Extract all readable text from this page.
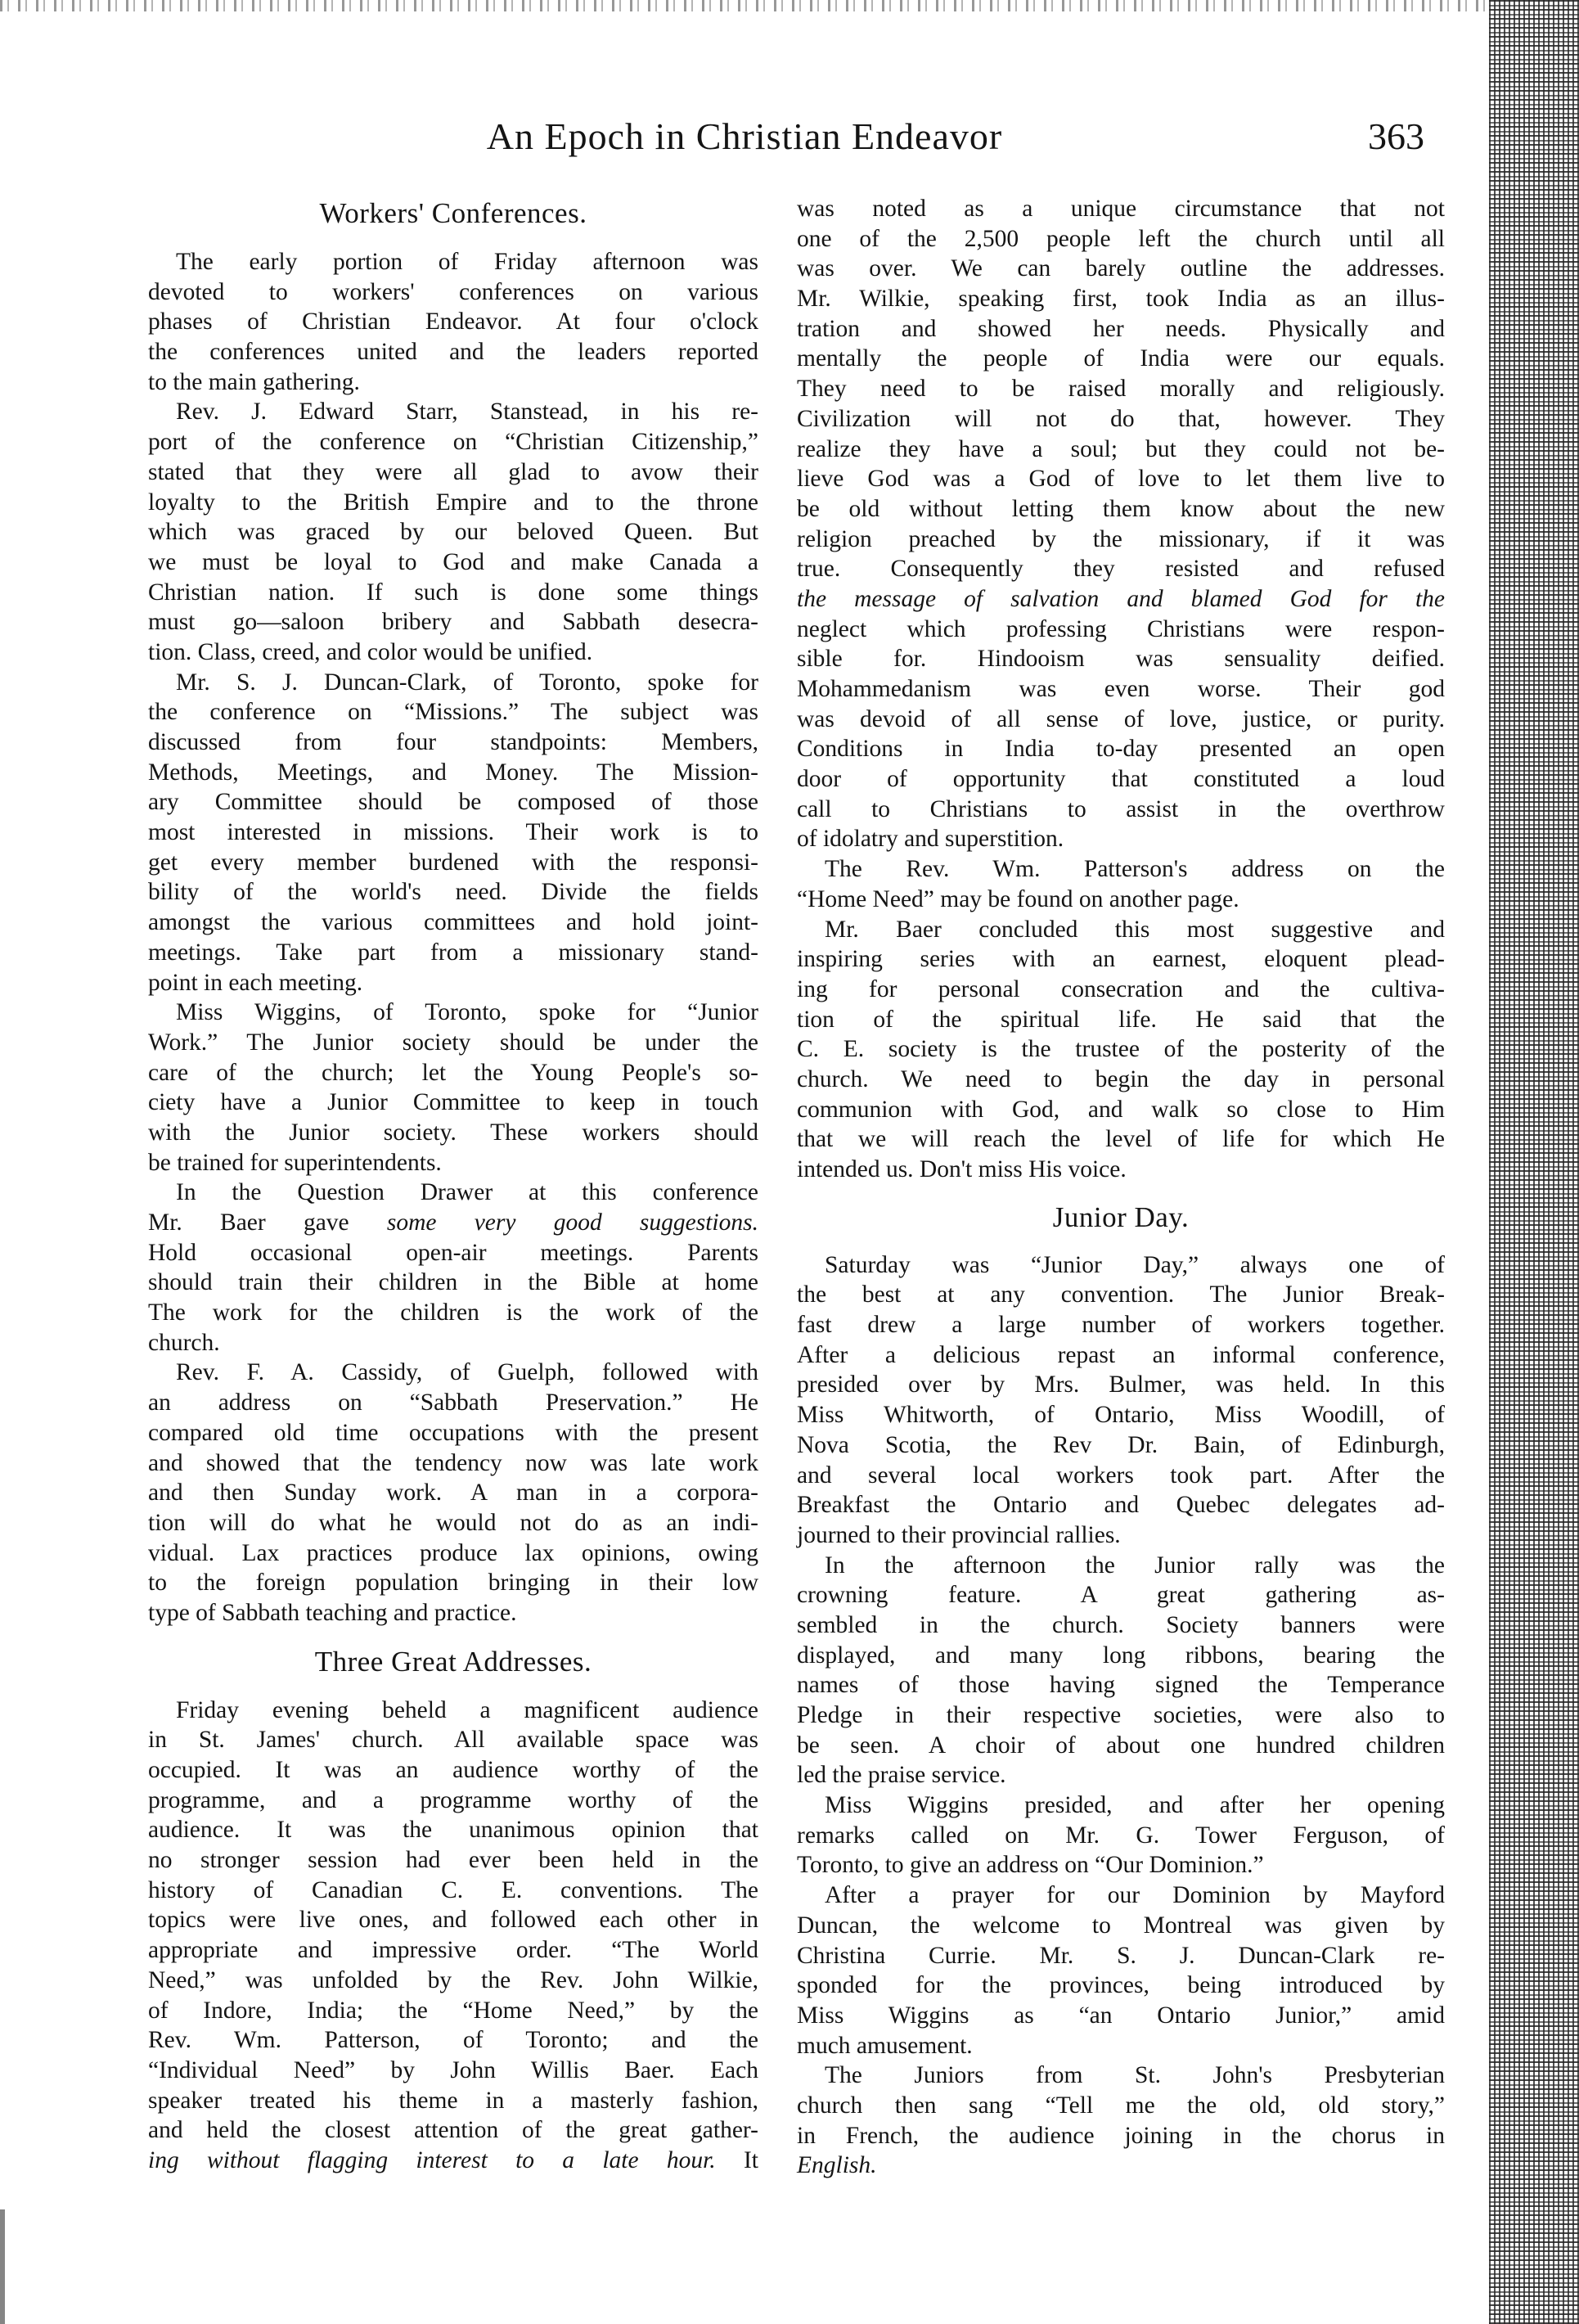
An Epoch in Christian Endeavor	363
Workers' Conferences.
The early portion of Friday afternoon was
devoted to workers' conferences on various
phases of Christian Endeavor. At four o'clock
the conferences united and the leaders reported
to the main gathering.
Rev. J. Edward Starr, Stanstead, in his re-
port of the conference on “Christian Citizenship,”
stated that they were all glad to avow their
loyalty to the British Empire and to the throne
which was graced by our beloved Queen. But
we must be loyal to God and make Canada a
Christian nation. If such is done some things
must go—saloon bribery and Sabbath desecra-
tion. Class, creed, and color would be unified.
Mr. S. J. Duncan-Clark, of Toronto, spoke for
the conference on “Missions.” The subject was
discussed from four standpoints: Members,
Methods, Meetings, and Money. The Mission-
ary Committee should be composed of those
most interested in missions. Their work is to
get every member burdened with the responsi-
bility of the world's need. Divide the fields
amongst the various committees and hold joint-
meetings. Take part from a missionary stand-
point in each meeting.
Miss Wiggins, of Toronto, spoke for “Junior
Work.” The Junior society should be under the
care of the church; let the Young People's so-
ciety have a Junior Committee to keep in touch
with the Junior society. These workers should
be trained for superintendents.
In the Question Drawer at this conference
Mr. Baer gave some very good suggestions.
Hold occasional open-air meetings. Parents
should train their children in the Bible at home
The work for the children is the work of the
church.
Rev. F. A. Cassidy, of Guelph, followed with
an address on “Sabbath Preservation.” He
compared old time occupations with the present
and showed that the tendency now was late work
and then Sunday work. A man in a corpora-
tion will do what he would not do as an indi-
vidual. Lax practices produce lax opinions, owing
to the foreign population bringing in their low
type of Sabbath teaching and practice.
Three Great Addresses.
Friday evening beheld a magnificent audience
in St. James' church. All available space was
occupied. It was an audience worthy of the
programme, and a programme worthy of the
audience. It was the unanimous opinion that
no stronger session had ever been held in the
history of Canadian C. E. conventions. The
topics were live ones, and followed each other in
appropriate and impressive order. “The World
Need,” was unfolded by the Rev. John Wilkie,
of Indore, India; the “Home Need,” by the
Rev. Wm. Patterson, of Toronto; and the
“Individual Need” by John Willis Baer. Each
speaker treated his theme in a masterly fashion,
and held the closest attention of the great gather-
ing without flagging interest to a late hour. It
was noted as a unique circumstance that not
one of the 2,500 people left the church until all
was over. We can barely outline the addresses.
Mr. Wilkie, speaking first, took India as an illus-
tration and showed her needs. Physically and
mentally the people of India were our equals.
They need to be raised morally and religiously.
Civilization will not do that, however. They
realize they have a soul; but they could not be-
lieve God was a God of love to let them live to
be old without letting them know about the new
religion preached by the missionary, if it was
true. Consequently they resisted and refused
the message of salvation and blamed God for the
neglect which professing Christians were respon-
sible for. Hindooism was sensuality deified.
Mohammedanism was even worse. Their god
was devoid of all sense of love, justice, or purity.
Conditions in India to-day presented an open
door of opportunity that constituted a loud
call to Christians to assist in the overthrow
of idolatry and superstition.
The Rev. Wm. Patterson's address on the
“Home Need” may be found on another page.
Mr. Baer concluded this most suggestive and
inspiring series with an earnest, eloquent plead-
ing for personal consecration and the cultiva-
tion of the spiritual life. He said that the
C. E. society is the trustee of the posterity of the
church. We need to begin the day in personal
communion with God, and walk so close to Him
that we will reach the level of life for which He
intended us. Don't miss His voice.
Junior Day.
Saturday was “Junior Day,” always one of
the best at any convention. The Junior Break-
fast drew a large number of workers together.
After a delicious repast an informal conference,
presided over by Mrs. Bulmer, was held. In this
Miss Whitworth, of Ontario, Miss Woodill, of
Nova Scotia, the Rev Dr. Bain, of Edinburgh,
and several local workers took part. After the
Breakfast the Ontario and Quebec delegates ad-
journed to their provincial rallies.
In the afternoon the Junior rally was the
crowning feature. A great gathering as-
sembled in the church. Society banners were
displayed, and many long ribbons, bearing the
names of those having signed the Temperance
Pledge in their respective societies, were also to
be seen. A choir of about one hundred children
led the praise service.
Miss Wiggins presided, and after her opening
remarks called on Mr. G. Tower Ferguson, of
Toronto, to give an address on “Our Dominion.”
After a prayer for our Dominion by Mayford
Duncan, the welcome to Montreal was given by
Christina Currie. Mr. S. J. Duncan-Clark re-
sponded for the provinces, being introduced by
Miss Wiggins as “an Ontario Junior,” amid
much amusement.
The Juniors from St. John's Presbyterian
church then sang “Tell me the old, old story,”
in French, the audience joining in the chorus in
English.
